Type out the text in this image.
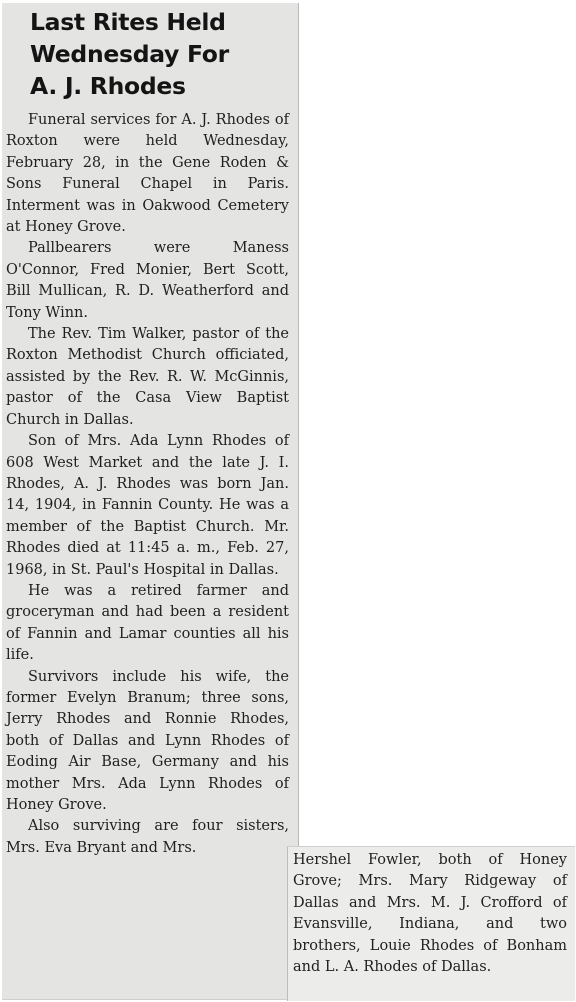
Last Rites Held
Wednesday For
A. J. Rhodes

Funeral services for A. J. Rhodes of Roxton were held Wednesday, February 28, in the Gene Roden & Sons Funeral Chapel in Paris. Interment was in Oakwood Cemetery at Honey Grove.

Pallbearers were Maness O'Connor, Fred Monier, Bert Scott, Bill Mullican, R. D. Weatherford and Tony Winn.

The Rev. Tim Walker, pastor of the Roxton Methodist Church officiated, assisted by the Rev. R. W. McGinnis, pastor of the Casa View Baptist Church in Dallas.

Son of Mrs. Ada Lynn Rhodes of 608 West Market and the late J. I. Rhodes, A. J. Rhodes was born Jan. 14, 1904, in Fannin County. He was a member of the Baptist Church. Mr. Rhodes died at 11:45 a. m., Feb. 27, 1968, in St. Paul's Hospital in Dallas.

He was a retired farmer and groceryman and had been a resident of Fannin and Lamar counties all his life.

Survivors include his wife, the former Evelyn Branum; three sons, Jerry Rhodes and Ronnie Rhodes, both of Dallas and Lynn Rhodes of Eoding Air Base, Germany and his mother Mrs. Ada Lynn Rhodes of Honey Grove.

Also surviving are four sisters, Mrs. Eva Bryant and Mrs.

Hershel Fowler, both of Honey Grove; Mrs. Mary Ridgeway of Dallas and Mrs. M. J. Crofford of Evansville, Indiana, and two brothers, Louie Rhodes of Bonham and L. A. Rhodes of Dallas.
